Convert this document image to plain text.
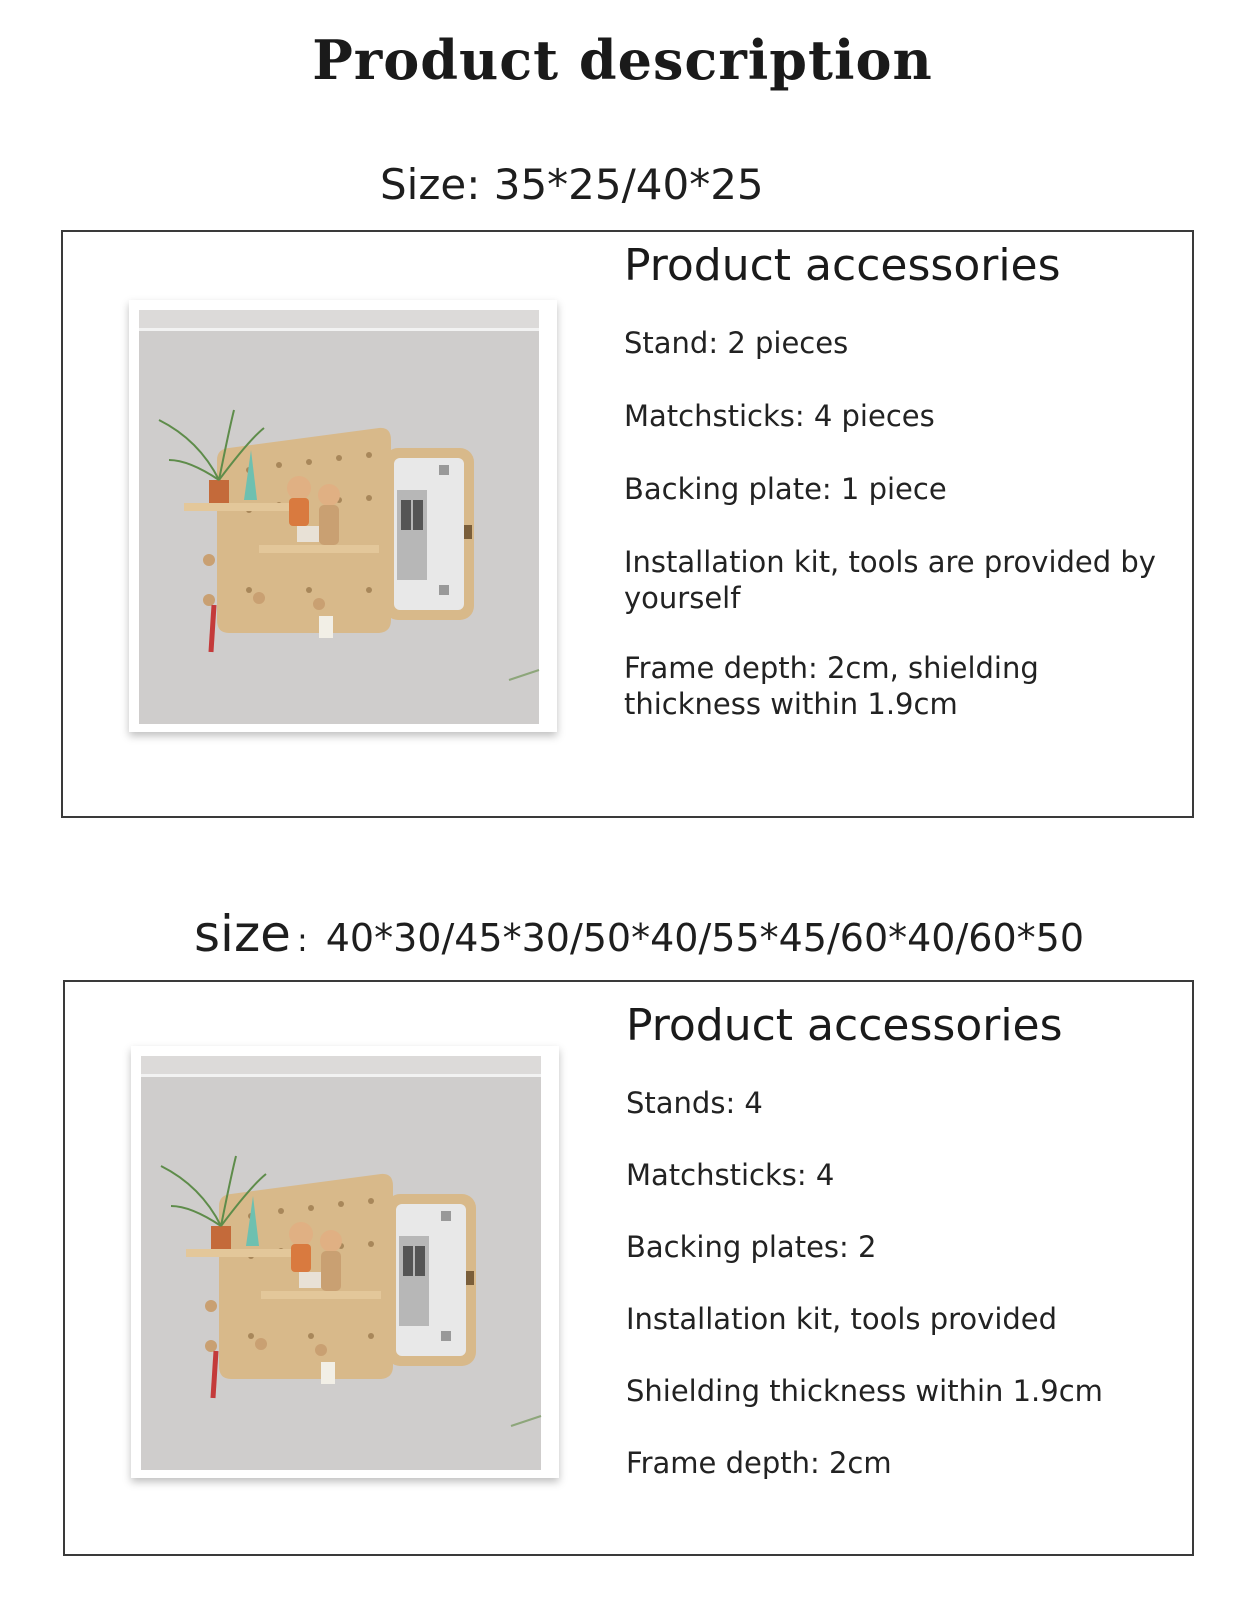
Product description
Size: 35*25/40*25
Product accessories
Stand: 2 pieces
Matchsticks: 4 pieces
Backing plate: 1 piece
Installation kit, tools are provided by yourself
Frame depth: 2cm, shielding thickness within 1.9cm
size : 40*30/45*30/50*40/55*45/60*40/60*50
Product accessories
Stands: 4
Matchsticks: 4
Backing plates: 2
Installation kit, tools provided
Shielding thickness within 1.9cm
Frame depth: 2cm
